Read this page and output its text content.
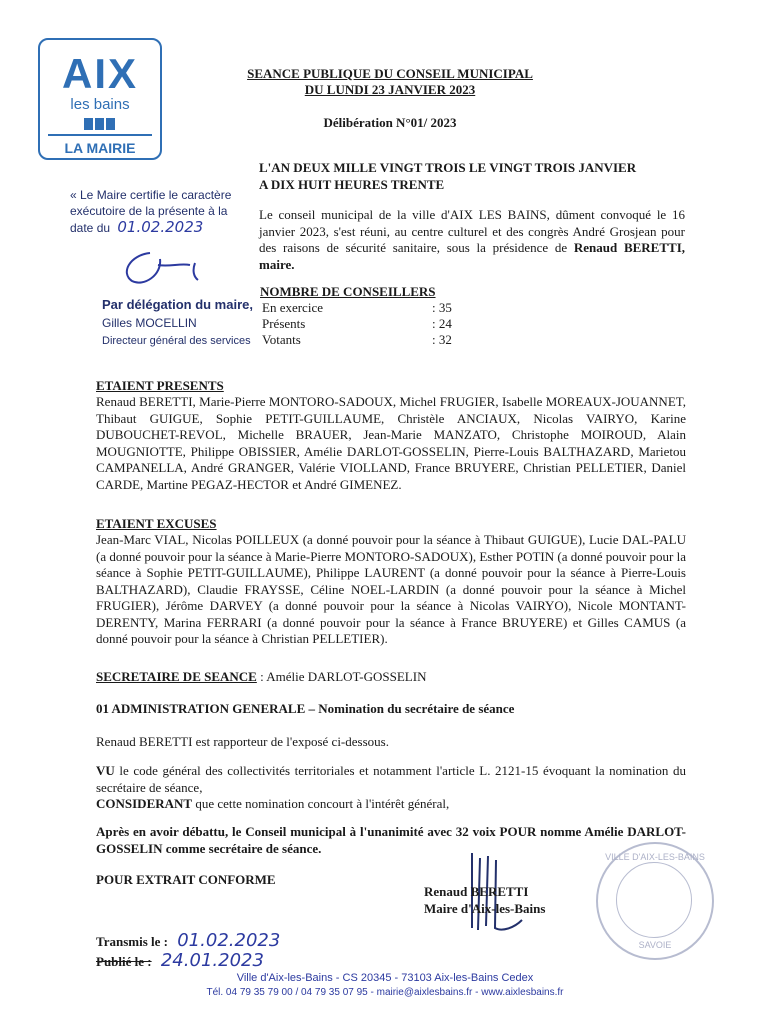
AIX
les bains
LA MAIRIE
SEANCE PUBLIQUE DU CONSEIL MUNICIPAL
DU LUNDI 23 JANVIER 2023
Délibération N°01/ 2023
L'AN DEUX MILLE VINGT TROIS LE VINGT TROIS JANVIER
A DIX HUIT HEURES TRENTE
Le conseil municipal de la ville d'AIX LES BAINS, dûment convoqué le 16 janvier 2023, s'est réuni, au centre culturel et des congrès André Grosjean pour des raisons de sécurité sanitaire, sous la présidence de Renaud BERETTI, maire.
« Le Maire certifie le caractère
exécutoire de la présente à la
date du 01.02.2023
Par délégation du maire,
Gilles MOCELLIN
Directeur général des services
NOMBRE DE CONSEILLERS
En exercice	: 35
Présents	: 24
Votants	: 32
ETAIENT PRESENTS
Renaud BERETTI, Marie-Pierre MONTORO-SADOUX, Michel FRUGIER, Isabelle MOREAUX-JOUANNET, Thibaut GUIGUE, Sophie PETIT-GUILLAUME, Christèle ANCIAUX, Nicolas VAIRYO, Karine DUBOUCHET-REVOL, Michelle BRAUER, Jean-Marie MANZATO, Christophe MOIROUD, Alain MOUGNIOTTE, Philippe OBISSIER, Amélie DARLOT-GOSSELIN, Pierre-Louis BALTHAZARD, Marietou CAMPANELLA, André GRANGER, Valérie VIOLLAND, France BRUYERE, Christian PELLETIER, Daniel CARDE, Martine PEGAZ-HECTOR et André GIMENEZ.
ETAIENT EXCUSES
Jean-Marc VIAL, Nicolas POILLEUX (a donné pouvoir pour la séance à Thibaut GUIGUE), Lucie DAL-PALU (a donné pouvoir pour la séance à Marie-Pierre MONTORO-SADOUX), Esther POTIN (a donné pouvoir pour la séance à Sophie PETIT-GUILLAUME), Philippe LAURENT (a donné pouvoir pour la séance à Pierre-Louis BALTHAZARD), Claudie FRAYSSE, Céline NOEL-LARDIN (a donné pouvoir pour la séance à Michel FRUGIER), Jérôme DARVEY (a donné pouvoir pour la séance à Nicolas VAIRYO), Nicole MONTANT-DERENTY, Marina FERRARI (a donné pouvoir pour la séance à France BRUYERE) et Gilles CAMUS (a donné pouvoir pour la séance à Christian PELLETIER).
SECRETAIRE DE SEANCE : Amélie DARLOT-GOSSELIN
01 ADMINISTRATION GENERALE – Nomination du secrétaire de séance
Renaud BERETTI est rapporteur de l'exposé ci-dessous.
VU le code général des collectivités territoriales et notamment l'article L. 2121-15 évoquant la nomination du secrétaire de séance,
CONSIDERANT que cette nomination concourt à l'intérêt général,
Après en avoir débattu, le Conseil municipal à l'unanimité avec 32 voix POUR nomme Amélie DARLOT-GOSSELIN comme secrétaire de séance.
POUR EXTRAIT CONFORME
Renaud BERETTI
Maire d'Aix-les-Bains
VILLE D'AIX-LES-BAINS
SAVOIE
Transmis le : 01.02.2023
Publié le : 24.01.2023
Ville d'Aix-les-Bains - CS 20345 - 73103 Aix-les-Bains Cedex
Tél. 04 79 35 79 00 / 04 79 35 07 95 - mairie@aixlesbains.fr - www.aixlesbains.fr
